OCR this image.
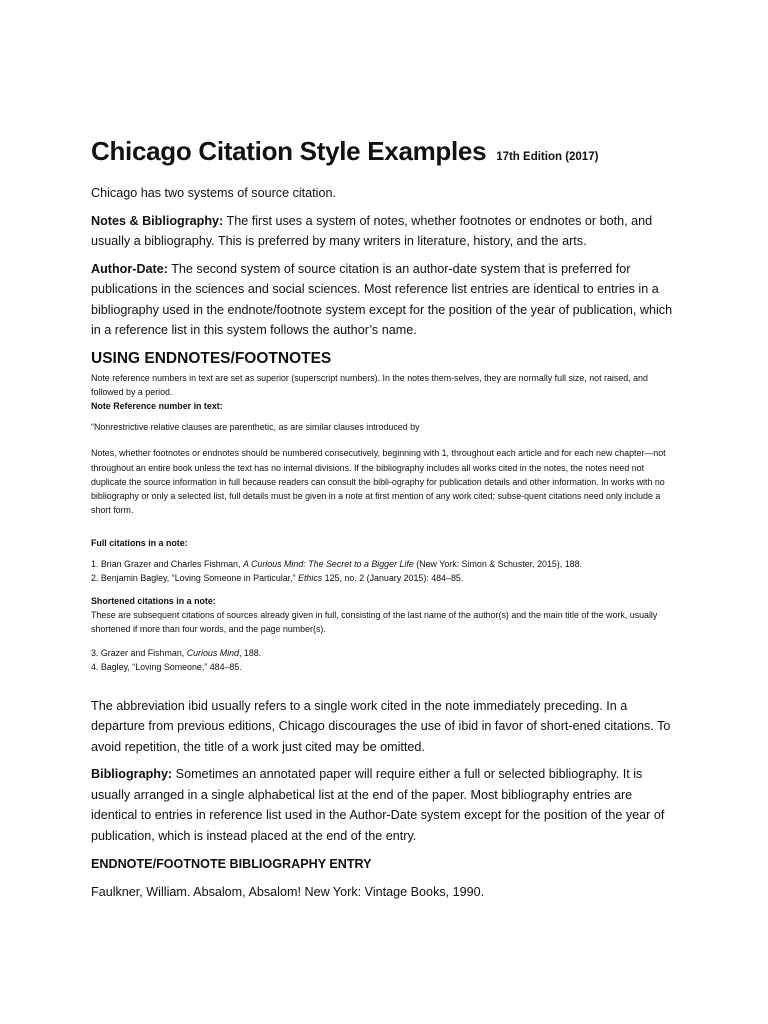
Chicago Citation Style Examples 17th Edition (2017)

Chicago has two systems of source citation.

Notes & Bibliography: The first uses a system of notes, whether footnotes or endnotes or both, and usually a bibliography. This is preferred by many writers in literature, history, and the arts.

Author-Date: The second system of source citation is an author-date system that is preferred for publications in the sciences and social sciences. Most reference list entries are identical to entries in a bibliography used in the endnote/footnote system except for the position of the year of publication, which in a reference list in this system follows the author’s name.

USING ENDNOTES/FOOTNOTES

Note reference numbers in text are set as superior (superscript numbers). In the notes them-selves, they are normally full size, not raised, and followed by a period.

Note Reference number in text:

“Nonrestrictive relative clauses are parenthetic, as are similar clauses introduced by

Notes, whether footnotes or endnotes should be numbered consecutively, beginning with 1, throughout each article and for each new chapter—not throughout an entire book unless the text has no internal divisions. If the bibliography includes all works cited in the notes, the notes need not duplicate the source information in full because readers can consult the bibli-ography for publication details and other information. In works with no bibliography or only a selected list, full details must be given in a note at first mention of any work cited; subse-quent citations need only include a short form.

Full citations in a note:

1. Brian Grazer and Charles Fishman, A Curious Mind: The Secret to a Bigger Life (New York: Simon & Schuster, 2015), 188.

2. Benjamin Bagley, “Loving Someone in Particular,” Ethics 125, no. 2 (January 2015): 484–85.

Shortened citations in a note:

These are subsequent citations of sources already given in full, consisting of the last name of the author(s) and the main title of the work, usually shortened if more than four words, and the page number(s).

3. Grazer and Fishman, Curious Mind, 188.

4. Bagley, “Loving Someone,” 484–85.

The abbreviation ibid usually refers to a single work cited in the note immediately preceding. In a departure from previous editions, Chicago discourages the use of ibid in favor of short-ened citations. To avoid repetition, the title of a work just cited may be omitted.

Bibliography: Sometimes an annotated paper will require either a full or selected bibliography. It is usually arranged in a single alphabetical list at the end of the paper. Most bibliography entries are identical to entries in reference list used in the Author-Date system except for the position of the year of publication, which is instead placed at the end of the entry.

ENDNOTE/FOOTNOTE BIBLIOGRAPHY ENTRY

Faulkner, William. Absalom, Absalom! New York: Vintage Books, 1990.
